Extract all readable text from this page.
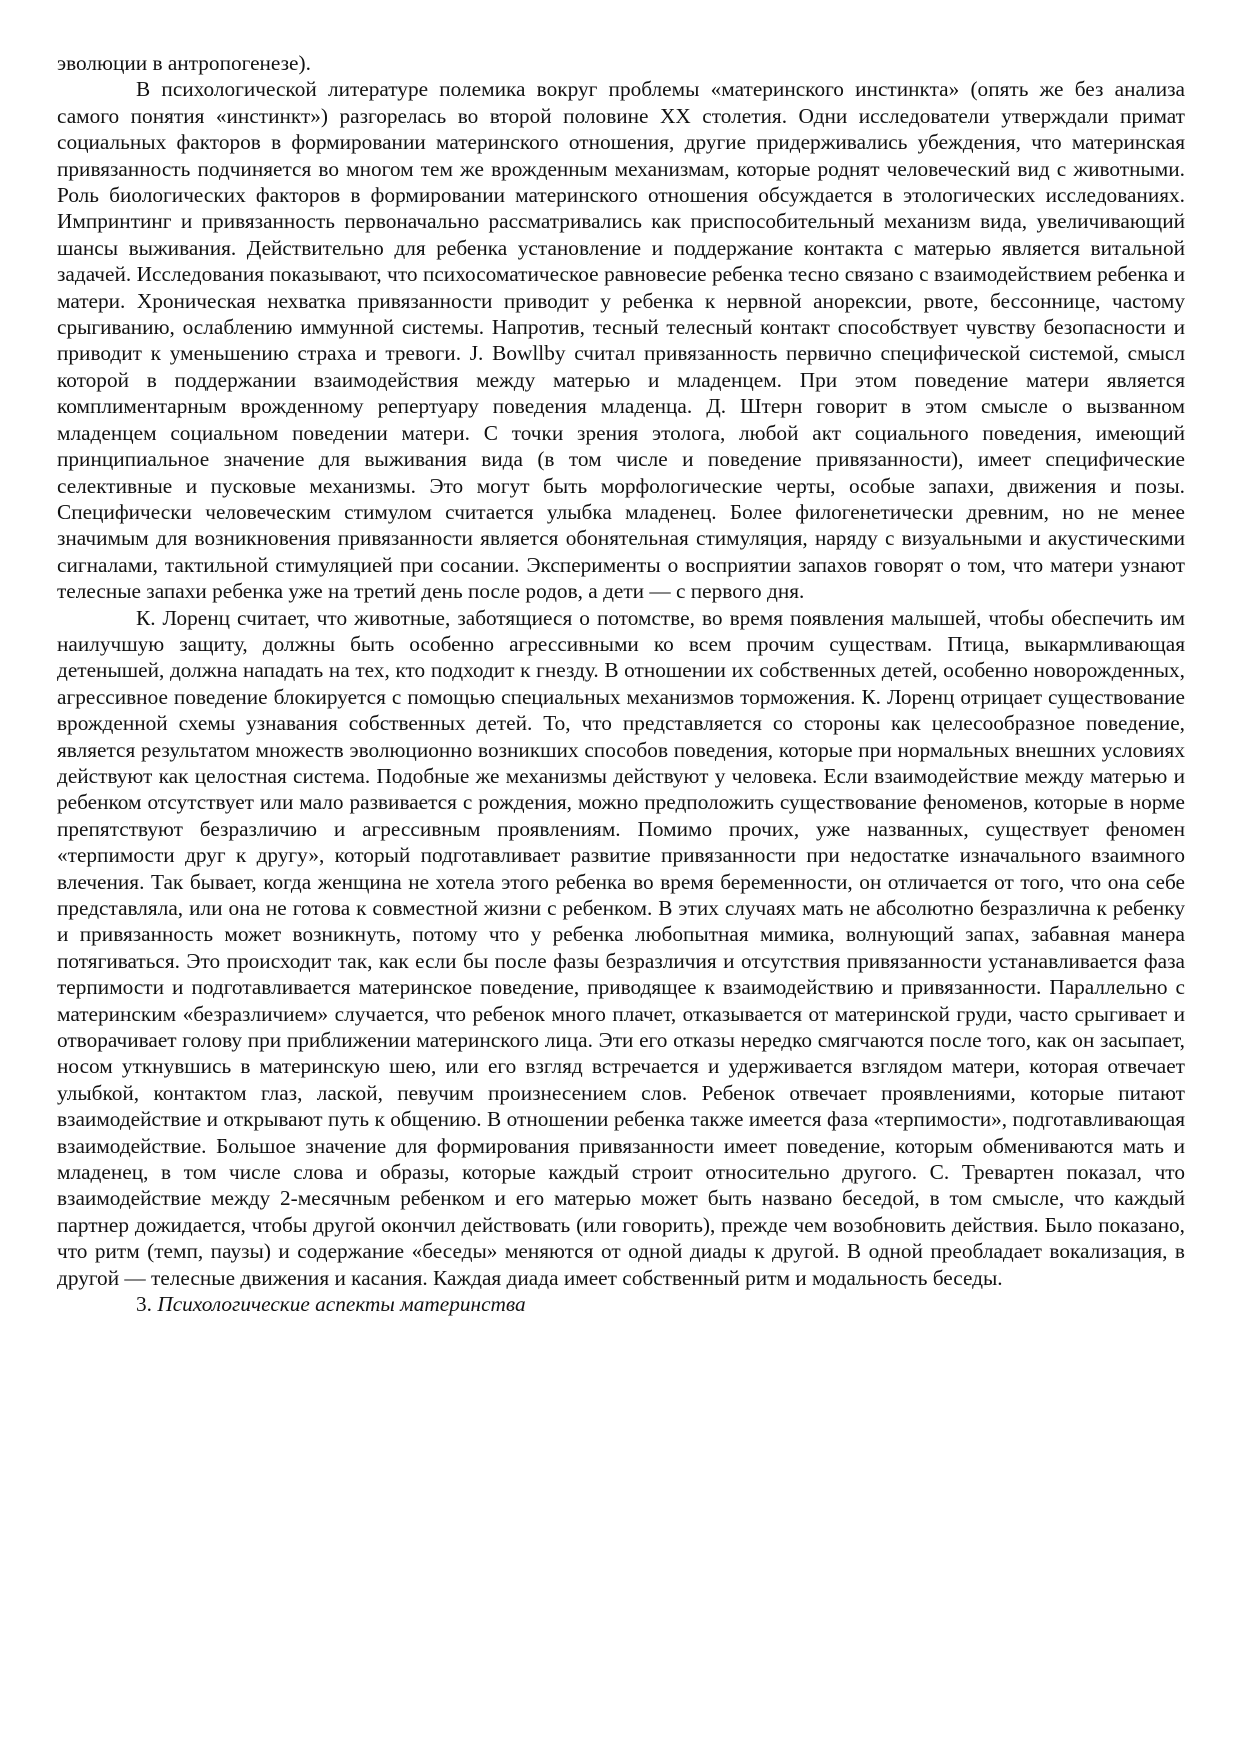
эволюции в антропогенезе).

В психологической литературе полемика вокруг проблемы «материнского инстинкта» (опять же без анализа самого понятия «инстинкт») разгорелась во второй половине XX столетия. Одни исследователи утверждали примат социальных факторов в формировании материнского отношения, другие придерживались убеждения, что материнская привязанность подчиняется во многом тем же врожденным механизмам, которые роднят человеческий вид с животными. Роль биологических факторов в формировании материнского отношения обсуждается в этологических исследованиях. Импринтинг и привязанность первоначально рассматривались как приспособительный механизм вида, увеличивающий шансы выживания. Действительно для ребенка установление и поддержание контакта с матерью является витальной задачей. Исследования показывают, что психосоматическое равновесие ребенка тесно связано с взаимодействием ребенка и матери. Хроническая нехватка привязанности приводит у ребенка к нервной анорексии, рвоте, бессоннице, частому срыгиванию, ослаблению иммунной системы. Напротив, тесный телесный контакт способствует чувству безопасности и приводит к уменьшению страха и тревоги. J. Bowllby считал привязанность первично специфической системой, смысл которой в поддержании взаимодействия между матерью и младенцем. При этом поведение матери является комплиментарным врожденному репертуару поведения младенца. Д. Штерн говорит в этом смысле о вызванном младенцем социальном поведении матери. С точки зрения этолога, любой акт социального поведения, имеющий принципиальное значение для выживания вида (в том числе и поведение привязанности), имеет специфические селективные и пусковые механизмы. Это могут быть морфологические черты, особые запахи, движения и позы. Специфически человеческим стимулом считается улыбка младенец. Более филогенетически древним, но не менее значимым для возникновения привязанности является обонятельная стимуляция, наряду с визуальными и акустическими сигналами, тактильной стимуляцией при сосании. Эксперименты о восприятии запахов говорят о том, что матери узнают телесные запахи ребенка уже на третий день после родов, а дети — с первого дня.

К. Лоренц считает, что животные, заботящиеся о потомстве, во время появления малышей, чтобы обеспечить им наилучшую защиту, должны быть особенно агрессивными ко всем прочим существам. Птица, выкармливающая детенышей, должна нападать на тех, кто подходит к гнезду. В отношении их собственных детей, особенно новорожденных, агрессивное поведение блокируется с помощью специальных механизмов торможения. К. Лоренц отрицает существование врожденной схемы узнавания собственных детей. То, что представляется со стороны как целесообразное поведение, является результатом множеств эволюционно возникших способов поведения, которые при нормальных внешних условиях действуют как целостная система. Подобные же механизмы действуют у человека. Если взаимодействие между матерью и ребенком отсутствует или мало развивается с рождения, можно предположить существование феноменов, которые в норме препятствуют безразличию и агрессивным проявлениям. Помимо прочих, уже названных, существует феномен «терпимости друг к другу», который подготавливает развитие привязанности при недостатке изначального взаимного влечения. Так бывает, когда женщина не хотела этого ребенка во время беременности, он отличается от того, что она себе представляла, или она не готова к совместной жизни с ребенком. В этих случаях мать не абсолютно безразлична к ребенку и привязанность может возникнуть, потому что у ребенка любопытная мимика, волнующий запах, забавная манера потягиваться. Это происходит так, как если бы после фазы безразличия и отсутствия привязанности устанавливается фаза терпимости и подготавливается материнское поведение, приводящее к взаимодействию и привязанности. Параллельно с материнским «безразличием» случается, что ребенок много плачет, отказывается от материнской груди, часто срыгивает и отворачивает голову при приближении материнского лица. Эти его отказы нередко смягчаются после того, как он засыпает, носом уткнувшись в материнскую шею, или его взгляд встречается и удерживается взглядом матери, которая отвечает улыбкой, контактом глаз, лаской, певучим произнесением слов. Ребенок отвечает проявлениями, которые питают взаимодействие и открывают путь к общению. В отношении ребенка также имеется фаза «терпимости», подготавливающая взаимодействие. Большое значение для формирования привязанности имеет поведение, которым обмениваются мать и младенец, в том числе слова и образы, которые каждый строит относительно другого. С. Тревартен показал, что взаимодействие между 2-месячным ребенком и его матерью может быть названо беседой, в том смысле, что каждый партнер дожидается, чтобы другой окончил действовать (или говорить), прежде чем возобновить действия. Было показано, что ритм (темп, паузы) и содержание «беседы» меняются от одной диады к другой. В одной преобладает вокализация, в другой — телесные движения и касания. Каждая диада имеет собственный ритм и модальность беседы.

3. Психологические аспекты материнства
